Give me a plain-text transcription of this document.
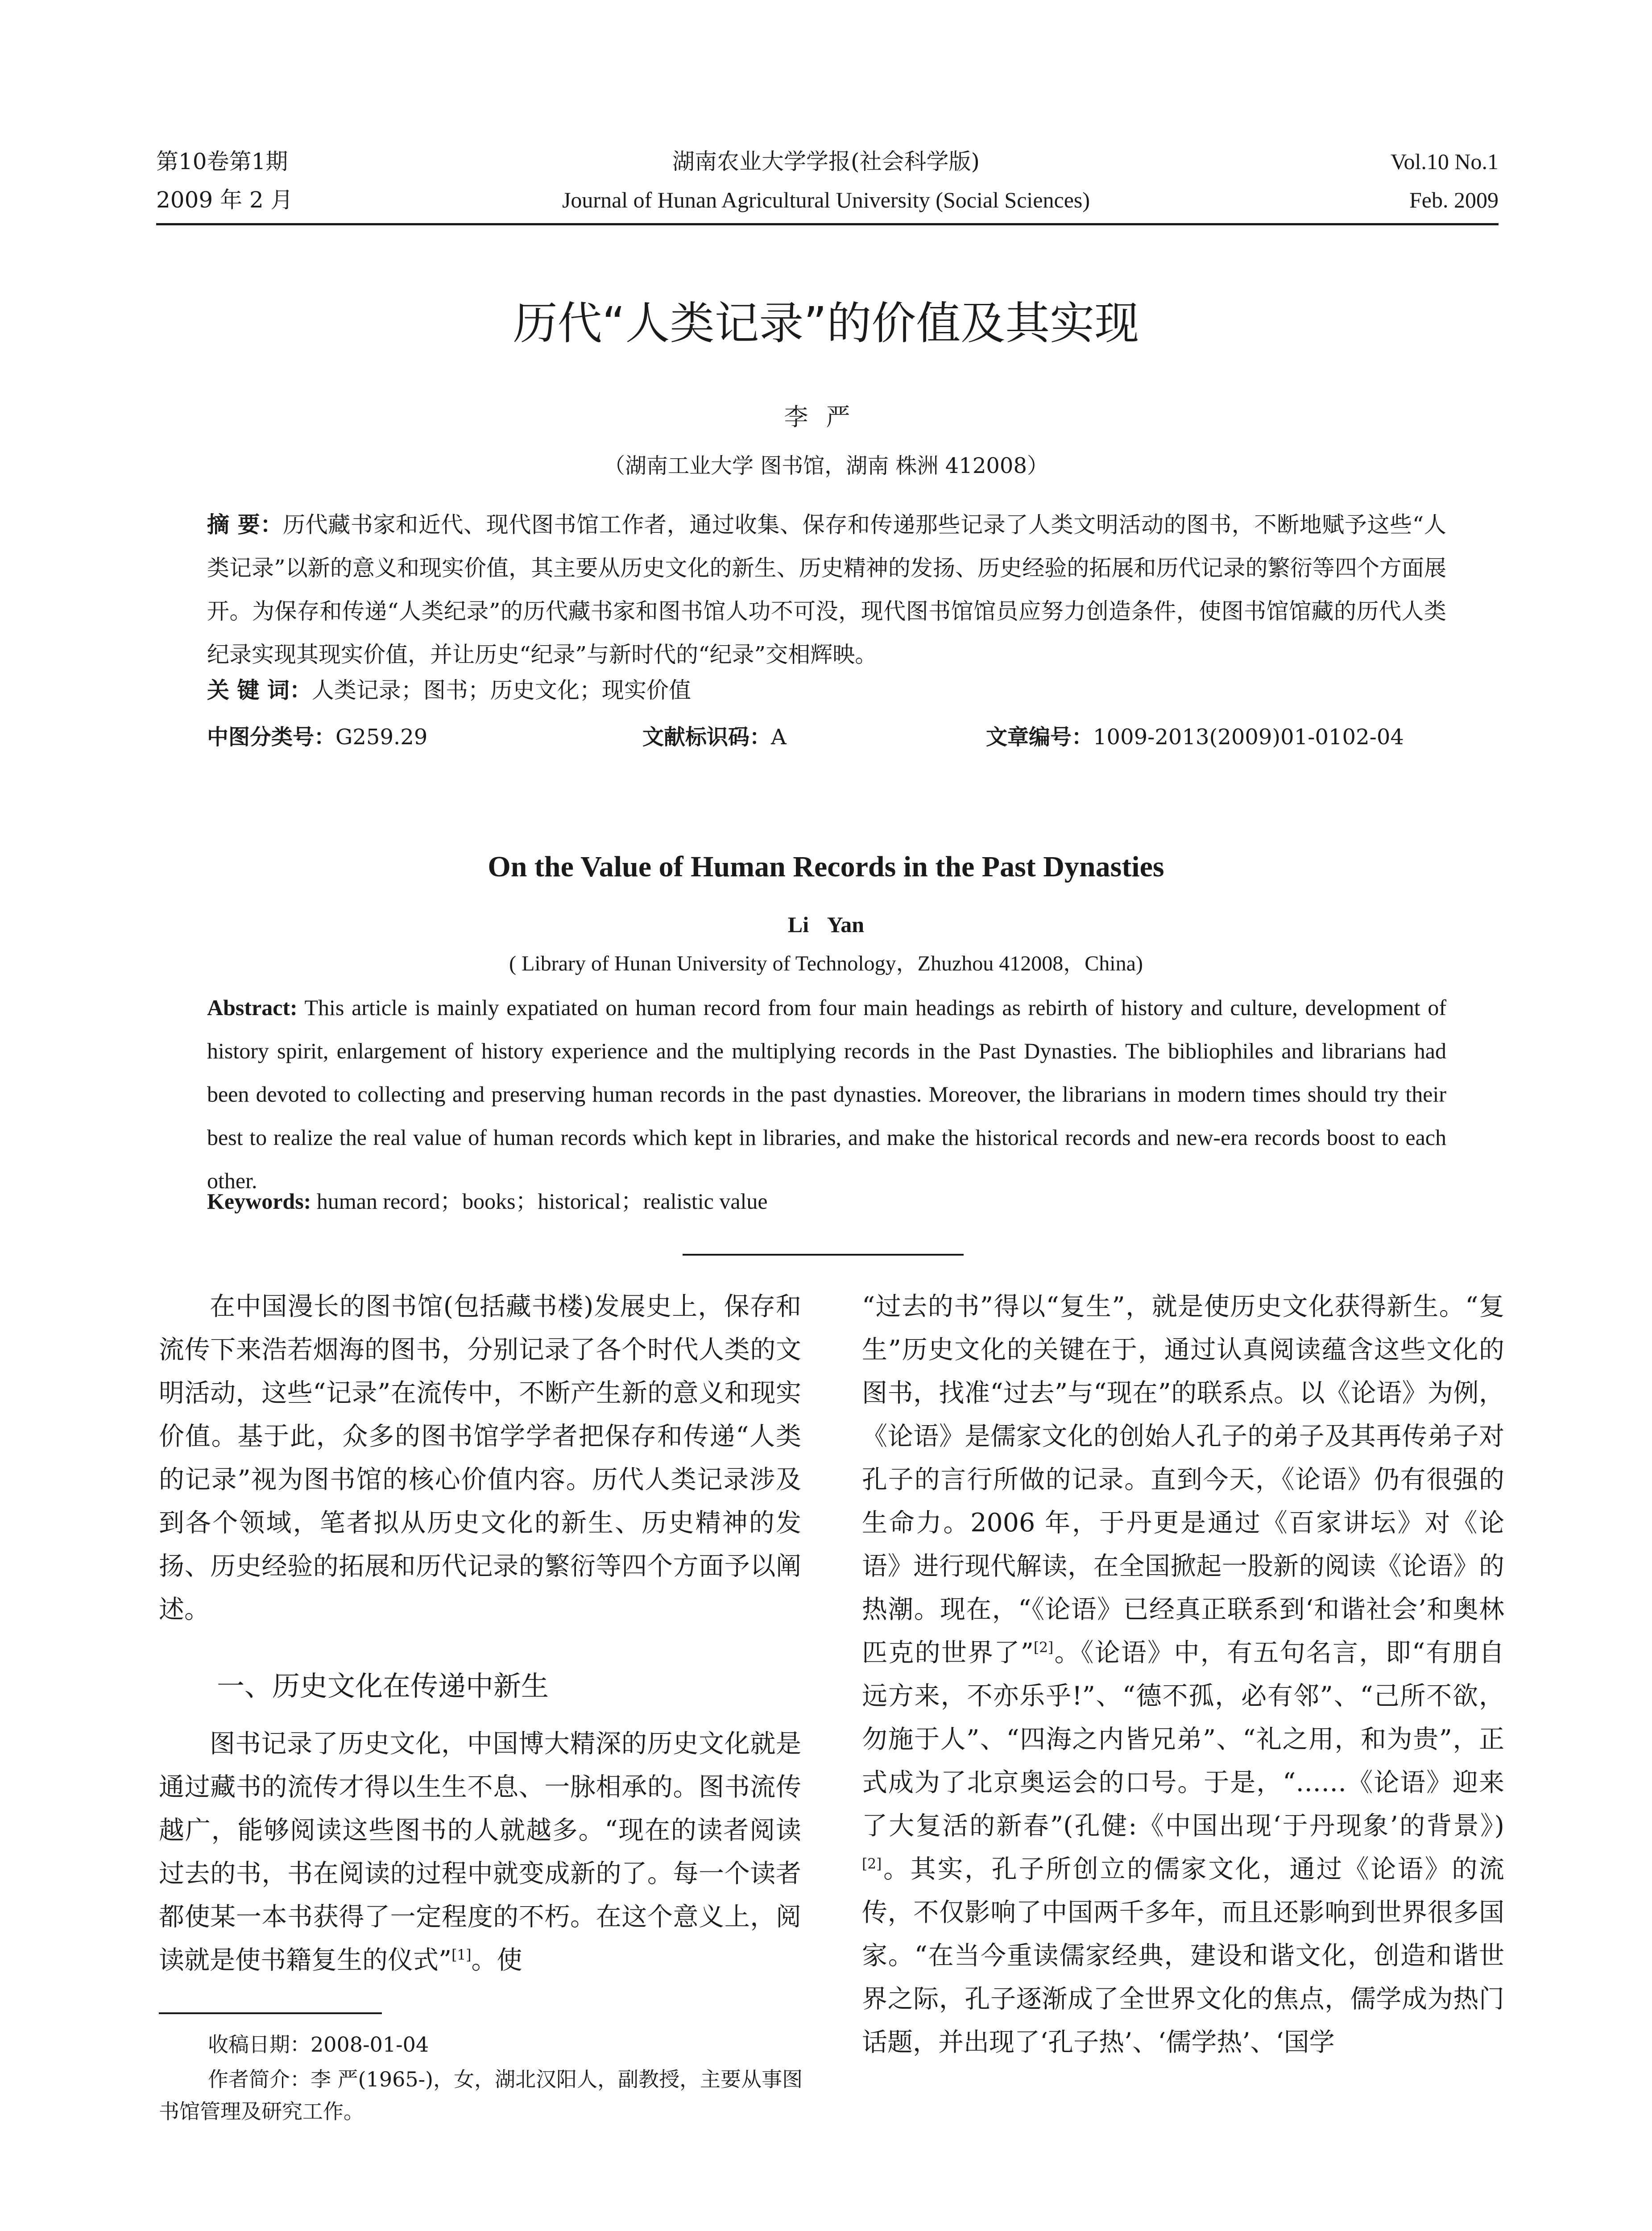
第10卷第1期
2009 年 2 月
湖南农业大学学报(社会科学版)
Journal of Hunan Agricultural University (Social Sciences)
Vol.10 No.1
Feb. 2009
历代“人类记录”的价值及其实现
李严
（湖南工业大学 图书馆，湖南 株洲 412008）
摘 要：历代藏书家和近代、现代图书馆工作者，通过收集、保存和传递那些记录了人类文明活动的图书，不断地赋予这些“人类记录”以新的意义和现实价值，其主要从历史文化的新生、历史精神的发扬、历史经验的拓展和历代记录的繁衍等四个方面展开。为保存和传递“人类纪录”的历代藏书家和图书馆人功不可没，现代图书馆馆员应努力创造条件，使图书馆馆藏的历代人类纪录实现其现实价值，并让历史“纪录”与新时代的“纪录”交相辉映。
关 键 词：人类记录；图书；历史文化；现实价值
中图分类号：G259.29	文献标识码：A	文章编号：1009-2013(2009)01-0102-04
On the Value of Human Records in the Past Dynasties
Li Yan
( Library of Hunan University of Technology，Zhuzhou 412008，China)
Abstract: This article is mainly expatiated on human record from four main headings as rebirth of history and culture, development of history spirit, enlargement of history experience and the multiplying records in the Past Dynasties. The bibliophiles and librarians had been devoted to collecting and preserving human records in the past dynasties. Moreover, the librarians in modern times should try their best to realize the real value of human records which kept in libraries, and make the historical records and new-era records boost to each other.
Keywords: human record；books；historical；realistic value

在中国漫长的图书馆(包括藏书楼)发展史上，保存和流传下来浩若烟海的图书，分别记录了各个时代人类的文明活动，这些“记录”在流传中，不断产生新的意义和现实价值。基于此，众多的图书馆学学者把保存和传递“人类的记录”视为图书馆的核心价值内容。历代人类记录涉及到各个领域，笔者拟从历史文化的新生、历史精神的发扬、历史经验的拓展和历代记录的繁衍等四个方面予以阐述。

一、历史文化在传递中新生

图书记录了历史文化，中国博大精深的历史文化就是通过藏书的流传才得以生生不息、一脉相承的。图书流传越广，能够阅读这些图书的人就越多。“现在的读者阅读过去的书，书在阅读的过程中就变成新的了。每一个读者都使某一本书获得了一定程度的不朽。在这个意义上，阅读就是使书籍复生的仪式”[1]。使

收稿日期：2008-01-04
作者简介：李 严(1965-)，女，湖北汉阳人，副教授，主要从事图书馆管理及研究工作。

“过去的书”得以“复生”，就是使历史文化获得新生。“复生”历史文化的关键在于，通过认真阅读蕴含这些文化的图书，找准“过去”与“现在”的联系点。以《论语》为例，《论语》是儒家文化的创始人孔子的弟子及其再传弟子对孔子的言行所做的记录。直到今天，《论语》仍有很强的生命力。2006 年，于丹更是通过《百家讲坛》对《论语》进行现代解读，在全国掀起一股新的阅读《论语》的热潮。现在，“《论语》已经真正联系到‘和谐社会’和奥林匹克的世界了”[2]。《论语》中，有五句名言，即“有朋自远方来，不亦乐乎!”、“德不孤，必有邻”、“己所不欲，勿施于人”、“四海之内皆兄弟”、“礼之用，和为贵”，正式成为了北京奥运会的口号。于是，“……《论语》迎来了大复活的新春”(孔健:《中国出现‘于丹现象’的背景》)[2]。其实，孔子所创立的儒家文化，通过《论语》的流传，不仅影响了中国两千多年，而且还影响到世界很多国家。“在当今重读儒家经典，建设和谐文化，创造和谐世界之际，孔子逐渐成了全世界文化的焦点，儒学成为热门话题，并出现了‘孔子热’、‘儒学热’、‘国学
